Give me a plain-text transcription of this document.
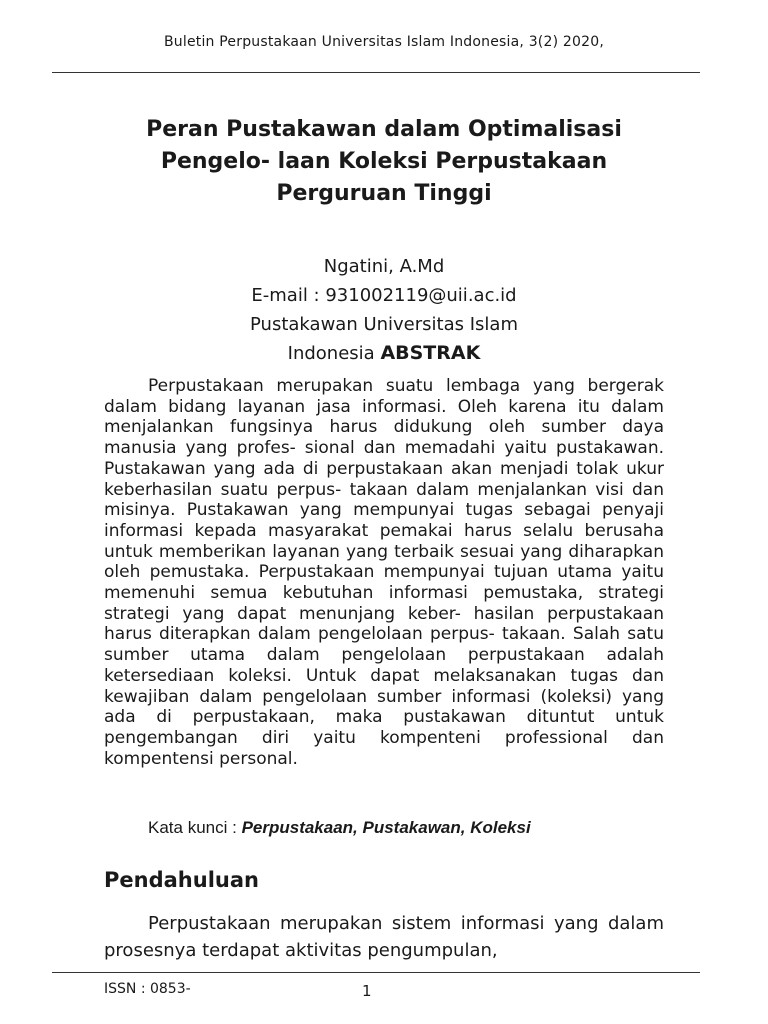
Buletin Perpustakaan Universitas Islam Indonesia, 3(2) 2020,
Peran Pustakawan dalam Optimalisasi Pengelo- laan Koleksi Perpustakaan Perguruan Tinggi
Ngatini, A.Md
E-mail : 931002119@uii.ac.id
Pustakawan Universitas Islam
Indonesia ABSTRAK

Perpustakaan merupakan suatu lembaga yang bergerak dalam bidang layanan jasa informasi. Oleh karena itu dalam menjalankan fungsinya harus didukung oleh sumber daya manusia yang profes- sional dan memadahi yaitu pustakawan. Pustakawan yang ada di perpustakaan akan menjadi tolak ukur keberhasilan suatu perpus- takaan dalam menjalankan visi dan misinya. Pustakawan yang mempunyai tugas sebagai penyaji informasi kepada masyarakat pemakai harus selalu berusaha untuk memberikan layanan yang terbaik sesuai yang diharapkan oleh pemustaka. Perpustakaan mempunyai tujuan utama yaitu memenuhi semua kebutuhan informasi pemustaka, strategi strategi yang dapat menunjang keber- hasilan perpustakaan harus diterapkan dalam pengelolaan perpus- takaan. Salah satu sumber utama dalam pengelolaan perpustakaan adalah ketersediaan koleksi. Untuk dapat melaksanakan tugas dan kewajiban dalam pengelolaan sumber informasi (koleksi) yang ada di perpustakaan, maka pustakawan dituntut untuk pengembangan diri yaitu kompenteni professional dan kompentensi personal.

Kata kunci : Perpustakaan, Pustakawan, Koleksi
Pendahuluan

Perpustakaan merupakan sistem informasi yang dalam prosesnya terdapat aktivitas pengumpulan,

ISSN : 0853-	1
